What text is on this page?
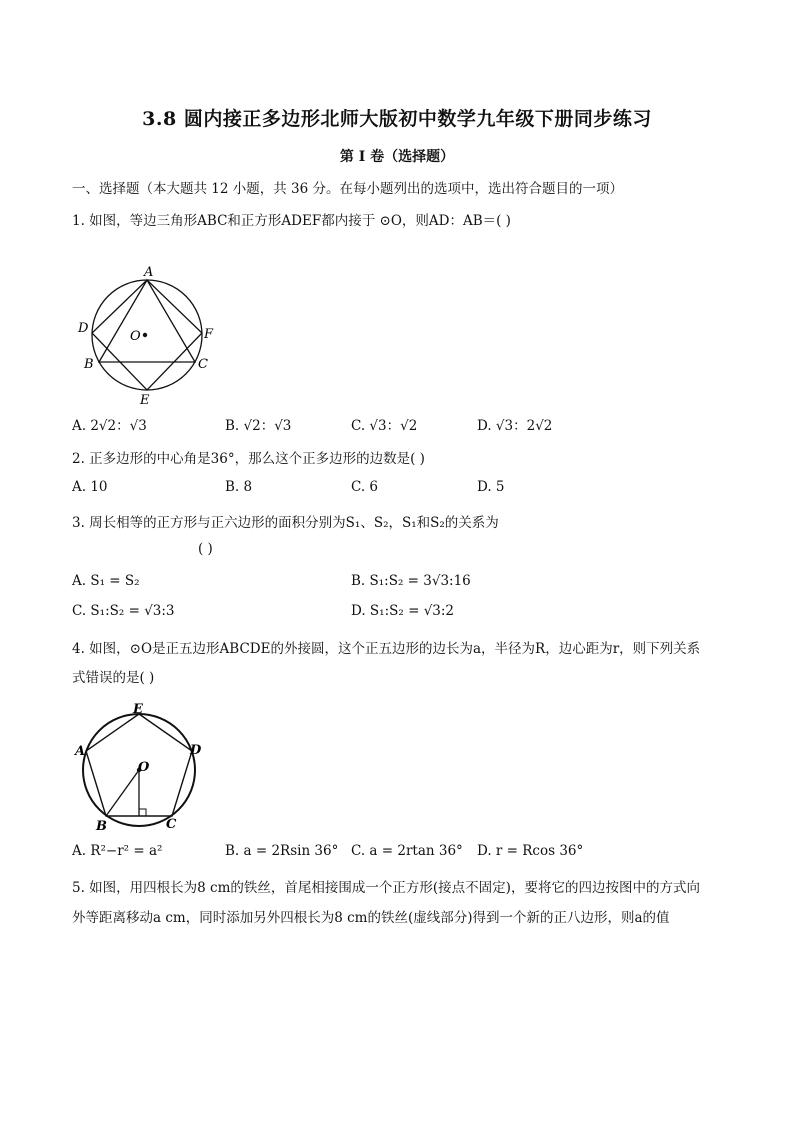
3.8 圆内接正多边形北师大版初中数学九年级下册同步练习
第 I 卷（选择题）
一、选择题（本大题共 12 小题，共 36 分。在每小题列出的选项中，选出符合题目的一项）
1. 如图，等边三角形ABC和正方形ADEF都内接于 ⊙O，则AD：AB＝( )
A
D	F
B	C
E
O
A. 2√2：√3	B. √2：√3	C. √3：√2	D. √3：2√2
2. 正多边形的中心角是36°，那么这个正多边形的边数是( )
A. 10	B. 8	C. 6	D. 5
3. 周长相等的正方形与正六边形的面积分别为S₁、S₂，S₁和S₂的关系为
( )
A. S₁ = S₂	B. S₁:S₂ = 3√3:16
C. S₁:S₂ = √3:3	D. S₁:S₂ = √3:2
4. 如图，⊙O是正五边形ABCDE的外接圆，这个正五边形的边长为a，半径为R，边心距为r，则下列关系
式错误的是( )
E
D
A
O
B	C
A. R²−r² = a²	B. a = 2Rsin 36° C. a = 2rtan 36° D. r = Rcos 36°
5. 如图，用四根长为8 cm的铁丝，首尾相接围成一个正方形(接点不固定)，要将它的四边按图中的方式向
外等距离移动a cm，同时添加另外四根长为8 cm的铁丝(虚线部分)得到一个新的正八边形，则a的值
